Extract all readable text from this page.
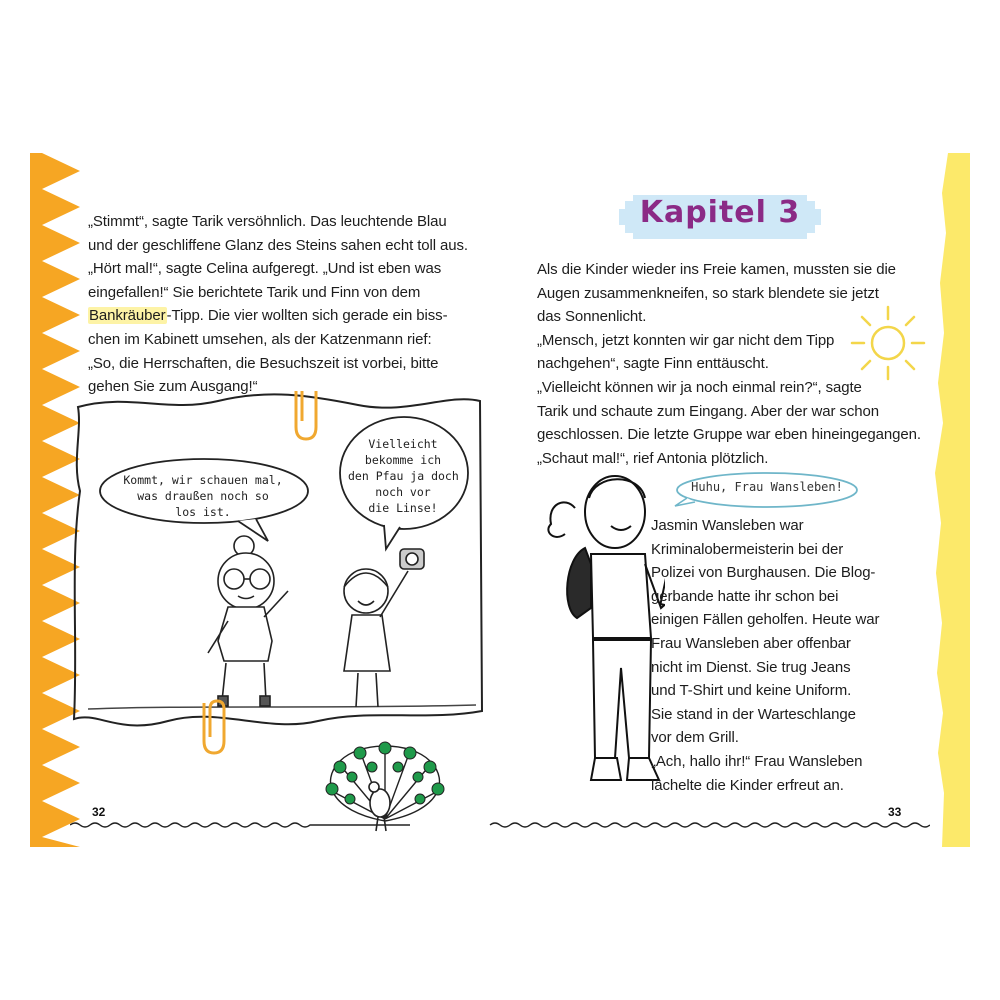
„Stimmt“, sagte Tarik versöhnlich. Das leuchtende Blau
und der geschliffene Glanz des Steins sahen echt toll aus.
„Hört mal!“, sagte Celina aufgeregt. „Und ist eben was
eingefallen!“ Sie berichtete Tarik und Finn von dem
Bankräuber-Tipp. Die vier wollten sich gerade ein biss-
chen im Kabinett umsehen, als der Katzenmann rief:
„So, die Herrschaften, die Besuchszeit ist vorbei, bitte
gehen Sie zum Ausgang!“
Kommt, wir schauen mal,
was draußen noch so
los ist.
Vielleicht
bekomme ich
den Pfau ja doch
noch vor
die Linse!
Kapitel 3
Als die Kinder wieder ins Freie kamen, mussten sie die
Augen zusammenkneifen, so stark blendete sie jetzt
das Sonnenlicht.
„Mensch, jetzt konnten wir gar nicht dem Tipp
nachgehen“, sagte Finn enttäuscht.
„Vielleicht können wir ja noch einmal rein?“, sagte
Tarik und schaute zum Eingang. Aber der war schon
geschlossen. Die letzte Gruppe war eben hineingegangen.
„Schaut mal!“, rief Antonia plötzlich.
Huhu, Frau Wansleben!
Jasmin Wansleben war
Kriminalobermeisterin bei der
Polizei von Burghausen. Die Blog-
gerbande hatte ihr schon bei
einigen Fällen geholfen. Heute war
Frau Wansleben aber offenbar
nicht im Dienst. Sie trug Jeans
und T-Shirt und keine Uniform.
Sie stand in der Warteschlange
vor dem Grill.
„Ach, hallo ihr!“ Frau Wansleben
lächelte die Kinder erfreut an.
32	33
